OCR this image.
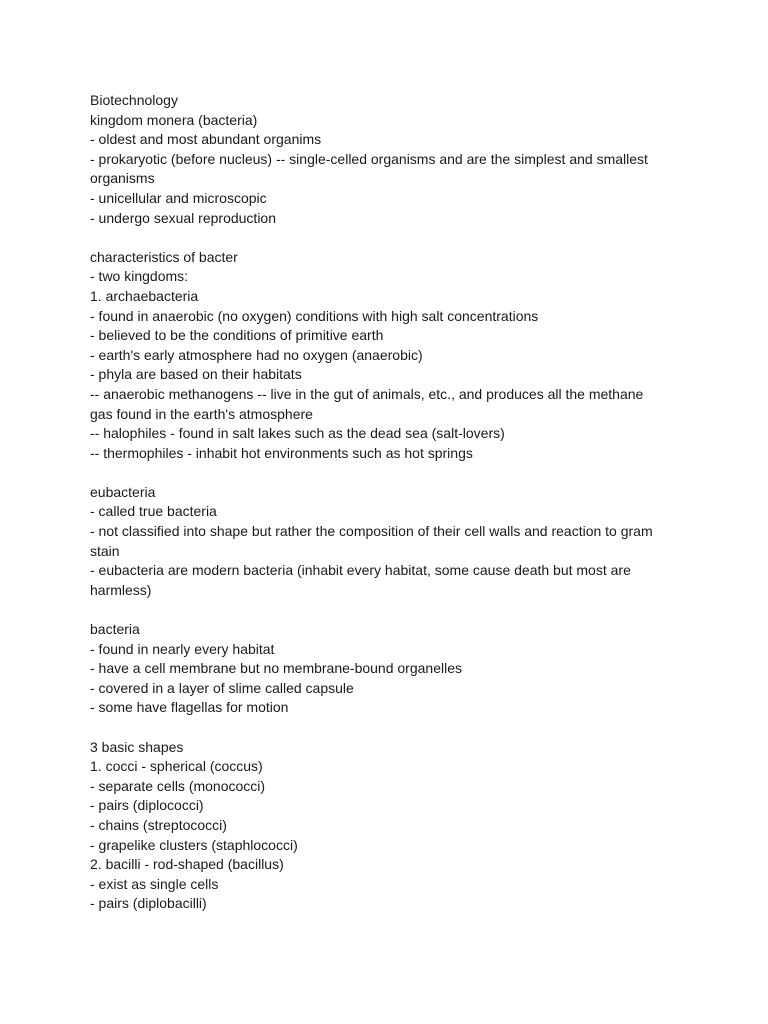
Biotechnology
kingdom monera (bacteria)
- oldest and most abundant organims
- prokaryotic (before nucleus) -- single-celled organisms and are the simplest and smallest
organisms
- unicellular and microscopic
- undergo sexual reproduction
characteristics of bacter
- two kingdoms:
1. archaebacteria
- found in anaerobic (no oxygen) conditions with high salt concentrations
- believed to be the conditions of primitive earth
- earth's early atmosphere had no oxygen (anaerobic)
- phyla are based on their habitats
-- anaerobic methanogens -- live in the gut of animals, etc., and produces all the methane
gas found in the earth's atmosphere
-- halophiles - found in salt lakes such as the dead sea (salt-lovers)
-- thermophiles - inhabit hot environments such as hot springs
eubacteria
- called true bacteria
- not classified into shape but rather the composition of their cell walls and reaction to gram
stain
- eubacteria are modern bacteria (inhabit every habitat, some cause death but most are
harmless)
bacteria
- found in nearly every habitat
- have a cell membrane but no membrane-bound organelles
- covered in a layer of slime called capsule
- some have flagellas for motion
3 basic shapes
1. cocci - spherical (coccus)
- separate cells (monococci)
- pairs (diplococci)
- chains (streptococci)
- grapelike clusters (staphlococci)
2. bacilli - rod-shaped (bacillus)
- exist as single cells
- pairs (diplobacilli)
